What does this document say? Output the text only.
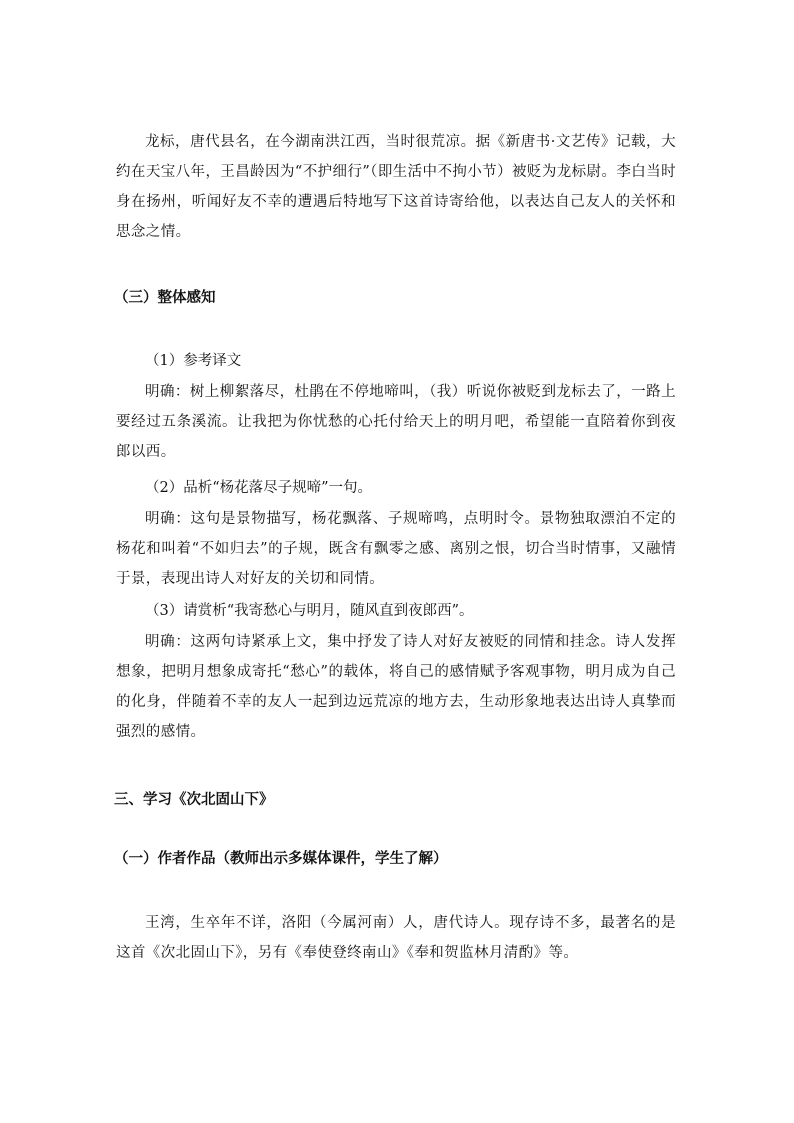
龙标，唐代县名，在今湖南洪江西，当时很荒凉。据《新唐书·文艺传》记载，大约在天宝八年，王昌龄因为“不护细行”（即生活中不拘小节）被贬为龙标尉。李白当时身在扬州，听闻好友不幸的遭遇后特地写下这首诗寄给他，以表达自己友人的关怀和思念之情。

（三）整体感知

（1）参考译文

明确：树上柳絮落尽，杜鹃在不停地啼叫，（我）听说你被贬到龙标去了，一路上要经过五条溪流。让我把为你忧愁的心托付给天上的明月吧，希望能一直陪着你到夜郎以西。

（2）品析“杨花落尽子规啼”一句。

明确：这句是景物描写，杨花飘落、子规啼鸣，点明时令。景物独取漂泊不定的杨花和叫着“不如归去”的子规，既含有飘零之感、离别之恨，切合当时情事，又融情于景，表现出诗人对好友的关切和同情。

（3）请赏析“我寄愁心与明月，随风直到夜郎西”。

明确：这两句诗紧承上文，集中抒发了诗人对好友被贬的同情和挂念。诗人发挥想象，把明月想象成寄托“愁心”的载体，将自己的感情赋予客观事物，明月成为自己的化身，伴随着不幸的友人一起到边远荒凉的地方去，生动形象地表达出诗人真挚而强烈的感情。

三、学习《次北固山下》

（一）作者作品（教师出示多媒体课件，学生了解）

王湾，生卒年不详，洛阳（今属河南）人，唐代诗人。现存诗不多，最著名的是这首《次北固山下》，另有《奉使登终南山》《奉和贺监林月清酌》等。
